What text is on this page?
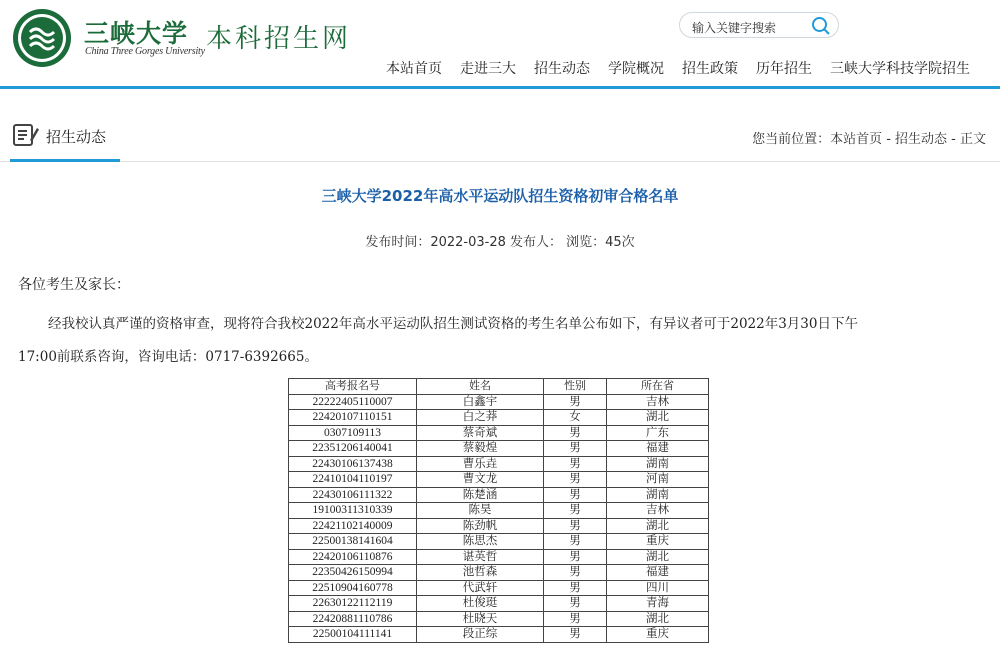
三峡大学
China Three Gorges University 本科招生网	输入关键字搜索
本站首页 走进三大 招生动态 学院概况 招生政策 历年招生 三峡大学科技学院招生
招生动态	您当前位置：本站首页 - 招生动态 - 正文
三峡大学2022年高水平运动队招生资格初审合格名单
发布时间：2022-03-28 发布人： 浏览：45次
各位考生及家长：
经我校认真严谨的资格审查，现将符合我校2022年高水平运动队招生测试资格的考生名单公布如下，有异议者可于2022年3月30日下午
17:00前联系咨询，咨询电话：0717-6392665。
高考报名号	姓名	性别	所在省
22222405110007	白鑫宇	男	吉林
22420107110151	白之莽	女	湖北
0307109113	蔡奇斌	男	广东
22351206140041	蔡毅煌	男	福建
22430106137438	曹乐垚	男	湖南
22410104110197	曹文龙	男	河南
22430106111322	陈楚涵	男	湖南
19100311310339	陈昊	男	吉林
22421102140009	陈劲帆	男	湖北
22500138141604	陈思杰	男	重庆
22420106110876	谌英哲	男	湖北
22350426150994	池哲森	男	福建
22510904160778	代武轩	男	四川
22630122112119	杜俊珽	男	青海
22420881110786	杜晓天	男	湖北
22500104111141	段正综	男	重庆
